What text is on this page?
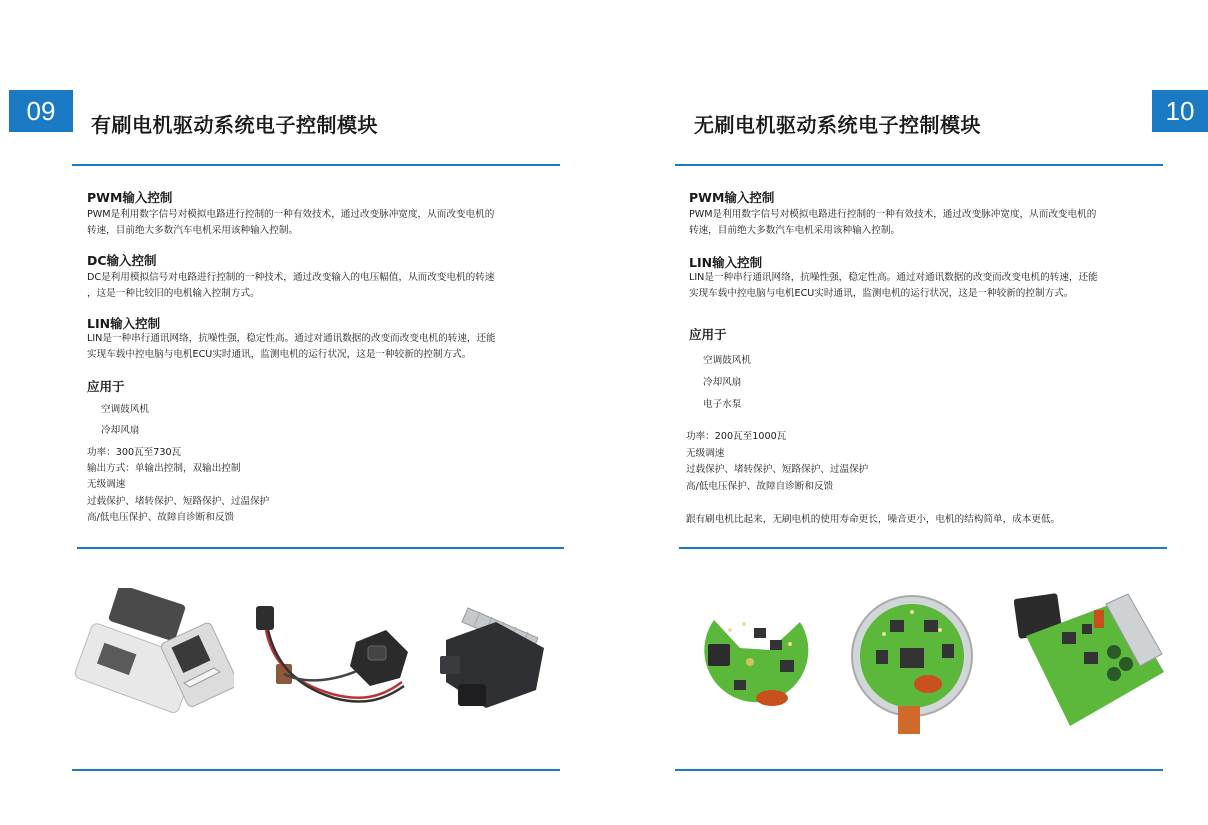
09	有刷电机驱动系统电子控制模块
PWM输入控制
PWM是利用数字信号对模拟电路进行控制的一种有效技术，通过改变脉冲宽度，从而改变电机的
转速，目前绝大多数汽车电机采用该种输入控制。
DC输入控制
DC是利用模拟信号对电路进行控制的一种技术，通过改变输入的电压幅值，从而改变电机的转速
，这是一种比较旧的电机输入控制方式。
LIN输入控制
LIN是一种串行通讯网络，抗噪性强，稳定性高。通过对通讯数据的改变而改变电机的转速，还能
实现车载中控电脑与电机ECU实时通讯，监测电机的运行状况，这是一种较新的控制方式。
应用于
空调鼓风机
冷却风扇
功率：300瓦至730瓦
输出方式：单输出控制，双输出控制
无级调速
过载保护、堵转保护、短路保护、过温保护
高/低电压保护、故障自诊断和反馈
无刷电机驱动系统电子控制模块	10
PWM输入控制
PWM是利用数字信号对模拟电路进行控制的一种有效技术，通过改变脉冲宽度，从而改变电机的
转速，目前绝大多数汽车电机采用该种输入控制。
LIN输入控制
LIN是一种串行通讯网络，抗噪性强，稳定性高。通过对通讯数据的改变而改变电机的转速，还能
实现车载中控电脑与电机ECU实时通讯，监测电机的运行状况，这是一种较新的控制方式。
应用于
空调鼓风机
冷却风扇
电子水泵
功率：200瓦至1000瓦
无级调速
过载保护、堵转保护、短路保护、过温保护
高/低电压保护、故障自诊断和反馈
跟有刷电机比起来，无刷电机的使用寿命更长，噪音更小，电机的结构简单，成本更低。
